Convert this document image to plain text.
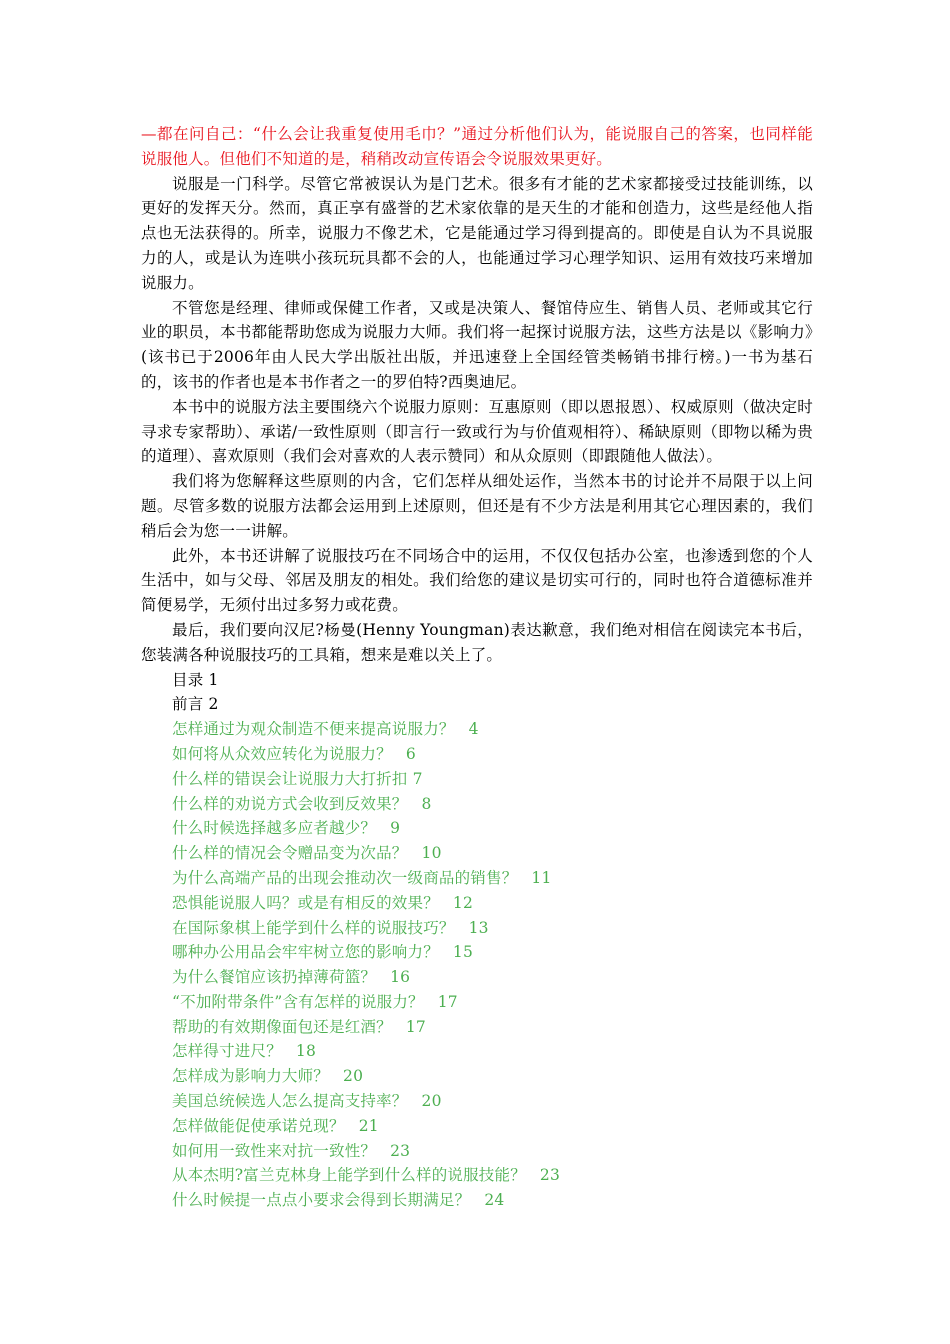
—都在问自己：“什么会让我重复使用毛巾？”通过分析他们认为，能说服自己的答案，也同样能说服他人。但他们不知道的是，稍稍改动宣传语会令说服效果更好。

说服是一门科学。尽管它常被误认为是门艺术。很多有才能的艺术家都接受过技能训练，以更好的发挥天分。然而，真正享有盛誉的艺术家依靠的是天生的才能和创造力，这些是经他人指点也无法获得的。所幸，说服力不像艺术，它是能通过学习得到提高的。即使是自认为不具说服力的人，或是认为连哄小孩玩玩具都不会的人，也能通过学习心理学知识、运用有效技巧来增加说服力。

不管您是经理、律师或保健工作者，又或是决策人、餐馆侍应生、销售人员、老师或其它行业的职员，本书都能帮助您成为说服力大师。我们将一起探讨说服方法，这些方法是以《影响力》(该书已于2006年由人民大学出版社出版，并迅速登上全国经管类畅销书排行榜。)一书为基石的，该书的作者也是本书作者之一的罗伯特?西奥迪尼。

本书中的说服方法主要围绕六个说服力原则：互惠原则（即以恩报恩）、权威原则（做决定时寻求专家帮助）、承诺/一致性原则（即言行一致或行为与价值观相符）、稀缺原则（即物以稀为贵的道理）、喜欢原则（我们会对喜欢的人表示赞同）和从众原则（即跟随他人做法）。

我们将为您解释这些原则的内含，它们怎样从细处运作，当然本书的讨论并不局限于以上问题。尽管多数的说服方法都会运用到上述原则，但还是有不少方法是利用其它心理因素的，我们稍后会为您一一讲解。

此外，本书还讲解了说服技巧在不同场合中的运用，不仅仅包括办公室，也渗透到您的个人生活中，如与父母、邻居及朋友的相处。我们给您的建议是切实可行的，同时也符合道德标准并简便易学，无须付出过多努力或花费。

最后，我们要向汉尼?杨曼(Henny Youngman)表达歉意，我们绝对相信在阅读完本书后，您装满各种说服技巧的工具箱，想来是难以关上了。

目录 1
前言 2
怎样通过为观众制造不便来提高说服力？ 4
如何将从众效应转化为说服力？ 6
什么样的错误会让说服力大打折扣 7
什么样的劝说方式会收到反效果？ 8
什么时候选择越多应者越少？ 9
什么样的情况会令赠品变为次品？ 10
为什么高端产品的出现会推动次一级商品的销售？ 11
恐惧能说服人吗？或是有相反的效果？ 12
在国际象棋上能学到什么样的说服技巧？ 13
哪种办公用品会牢牢树立您的影响力？ 15
为什么餐馆应该扔掉薄荷篮？ 16
“不加附带条件”含有怎样的说服力？ 17
帮助的有效期像面包还是红酒？ 17
怎样得寸进尺？ 18
怎样成为影响力大师？ 20
美国总统候选人怎么提高支持率？ 20
怎样做能促使承诺兑现？ 21
如何用一致性来对抗一致性？ 23
从本杰明?富兰克林身上能学到什么样的说服技能？ 23
什么时候提一点点小要求会得到长期满足？ 24
